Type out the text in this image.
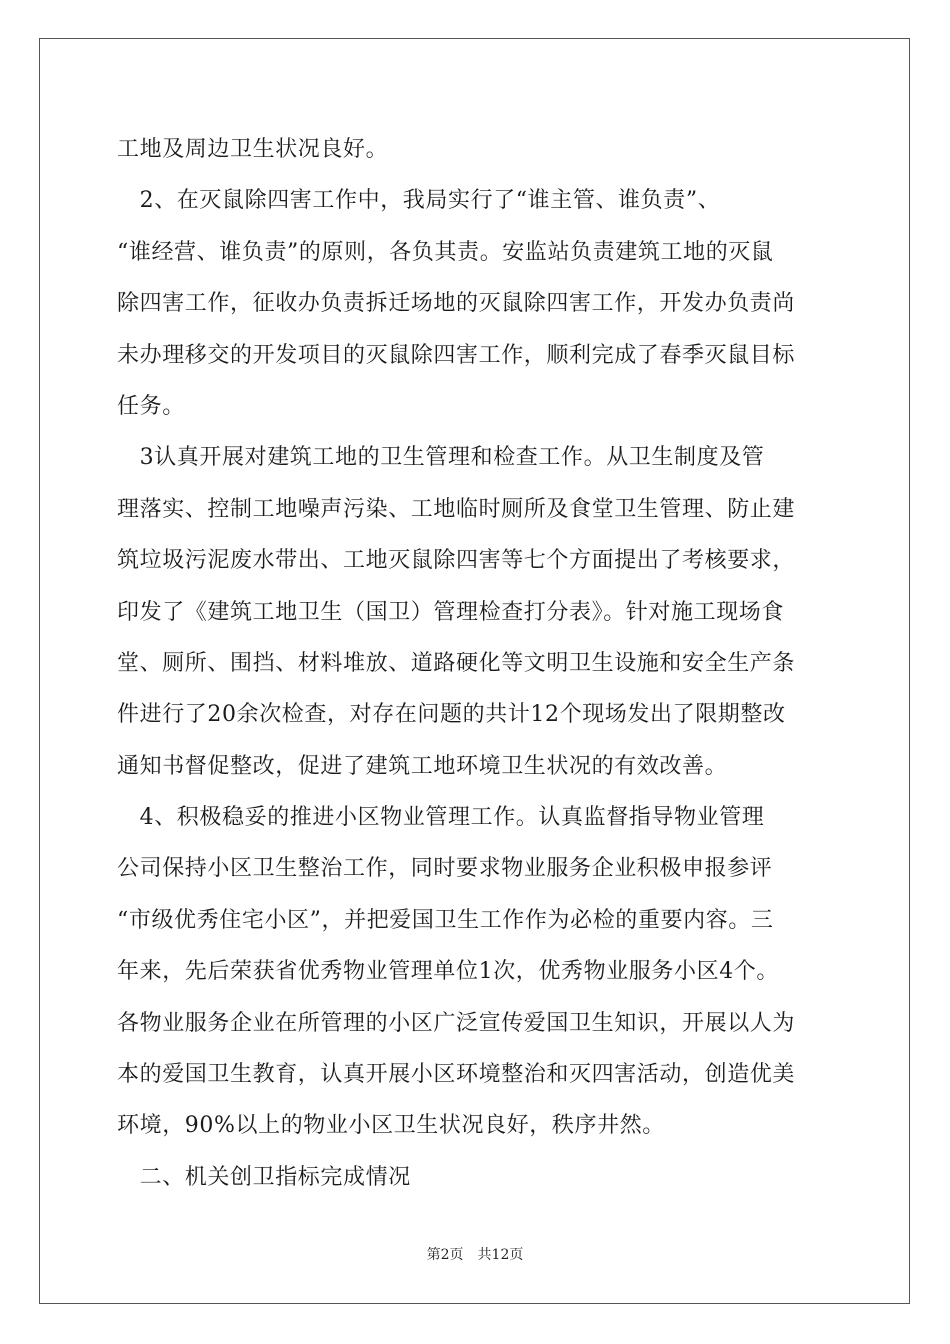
工地及周边卫生状况良好。
　2、在灭鼠除四害工作中，我局实行了“谁主管、谁负责”、
“谁经营、谁负责”的原则，各负其责。安监站负责建筑工地的灭鼠
除四害工作，征收办负责拆迁场地的灭鼠除四害工作，开发办负责尚
未办理移交的开发项目的灭鼠除四害工作，顺利完成了春季灭鼠目标
任务。
　3认真开展对建筑工地的卫生管理和检查工作。从卫生制度及管
理落实、控制工地噪声污染、工地临时厕所及食堂卫生管理、防止建
筑垃圾污泥废水带出、工地灭鼠除四害等七个方面提出了考核要求，
印发了《建筑工地卫生（国卫）管理检查打分表》。针对施工现场食
堂、厕所、围挡、材料堆放、道路硬化等文明卫生设施和安全生产条
件进行了20余次检查，对存在问题的共计12个现场发出了限期整改
通知书督促整改，促进了建筑工地环境卫生状况的有效改善。
　4、积极稳妥的推进小区物业管理工作。认真监督指导物业管理
公司保持小区卫生整治工作，同时要求物业服务企业积极申报参评
“市级优秀住宅小区”，并把爱国卫生工作作为必检的重要内容。三
年来，先后荣获省优秀物业管理单位1次，优秀物业服务小区4个。
各物业服务企业在所管理的小区广泛宣传爱国卫生知识，开展以人为
本的爱国卫生教育，认真开展小区环境整治和灭四害活动，创造优美
环境，90%以上的物业小区卫生状况良好，秩序井然。
　二、机关创卫指标完成情况
第2页　共12页
